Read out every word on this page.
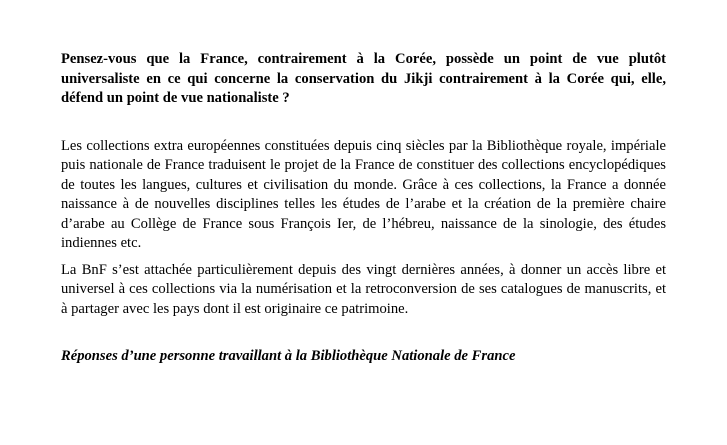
Pensez-vous que la France, contrairement à la Corée, possède un point de vue plutôt universaliste en ce qui concerne la conservation du Jikji contrairement à la Corée qui, elle, défend un point de vue nationaliste ?

Les collections extra européennes constituées depuis cinq siècles par la Bibliothèque royale, impériale puis nationale de France traduisent le projet de la France de constituer des collections encyclopédiques de toutes les langues, cultures et civilisation du monde. Grâce à ces collections, la France a donnée naissance à de nouvelles disciplines telles les études de l’arabe et la création de la première chaire d’arabe au Collège de France sous François Ier, de l’hébreu, naissance de la sinologie, des études indiennes etc.

La BnF s’est attachée particulièrement depuis des vingt dernières années, à donner un accès libre et universel à ces collections via la numérisation et la retroconversion de ses catalogues de manuscrits, et à partager avec les pays dont il est originaire ce patrimoine.

Réponses d’une personne travaillant à la Bibliothèque Nationale de France
